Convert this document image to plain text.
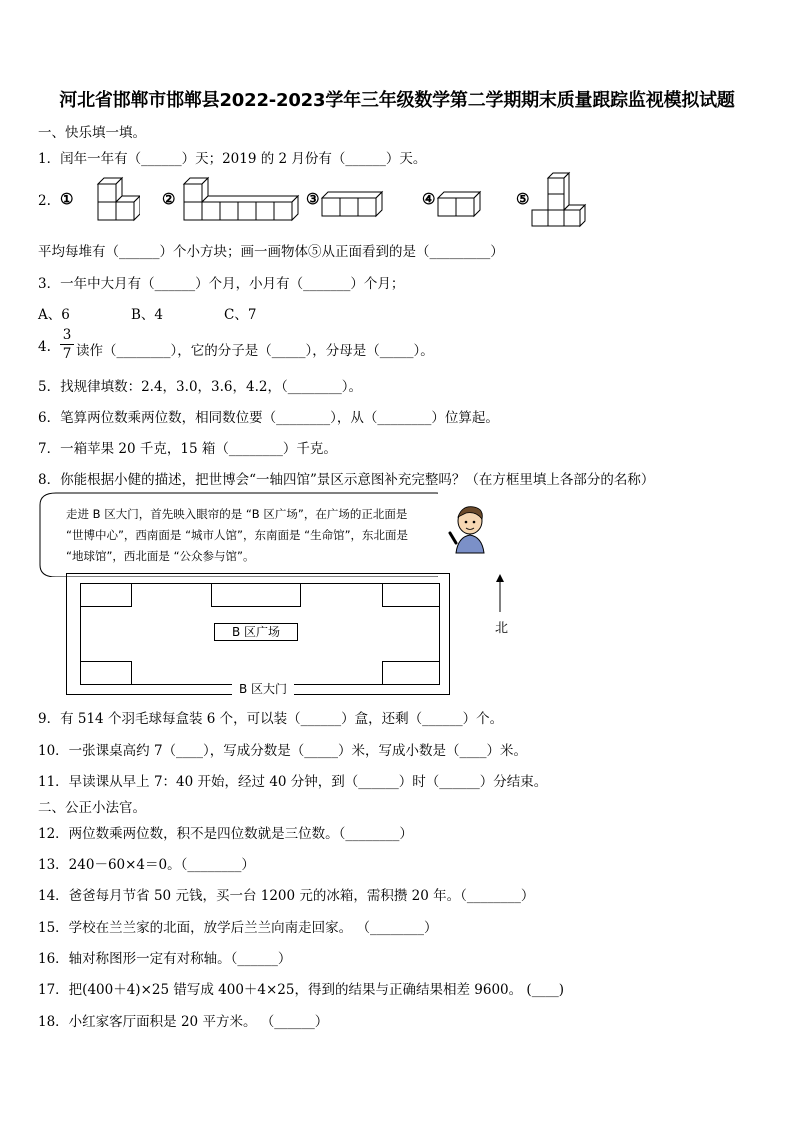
河北省邯郸市邯郸县2022-2023学年三年级数学第二学期期末质量跟踪监视模拟试题
一、快乐填一填。
1．闰年一年有（______）天；2019 的 2 月份有（______）天。
2. ①	②	③	④	⑤
平均每堆有（______）个小方块；画一画物体⑤从正面看到的是（_________）
3．一年中大月有（______）个月，小月有（_______）个月；
A、6	B、4	C、7
4.
3
7 读作（________），它的分子是（_____），分母是（_____）。
5．找规律填数：2.4，3.0，3.6，4.2，（________）。
6．笔算两位数乘两位数，相同数位要（________），从（________）位算起。
7．一箱苹果 20 千克，15 箱（________）千克。
8．你能根据小健的描述，把世博会“一轴四馆”景区示意图补充完整吗？（在方框里填上各部分的名称）
走进 B 区大门，首先映入眼帘的是 “B 区广场”，在广场的正北面是 “世博中心”，西南面是 “城市人馆”，东南面是 “生命馆”，东北面是 “地球馆”，西北面是 “公众参与馆”。
北
B 区广场
B 区大门
9．有 514 个羽毛球每盒装 6 个，可以装（______）盒，还剩（______）个。
10．一张课桌高约 7（____），写成分数是（_____）米，写成小数是（____）米。
11．早读课从早上 7：40 开始，经过 40 分钟，到（______）时（______）分结束。
二、公正小法官。
12．两位数乘两位数，积不是四位数就是三位数。（________）
13．240－60×4＝0。（________）
14．爸爸每月节省 50 元钱，买一台 1200 元的冰箱，需积攒 20 年。（________）
15．学校在兰兰家的北面，放学后兰兰向南走回家。 （________）
16．轴对称图形一定有对称轴。（______）
17．把(400＋4)×25 错写成 400＋4×25，得到的结果与正确结果相差 9600。 (____)
18．小红家客厅面积是 20 平方米。 （______）
